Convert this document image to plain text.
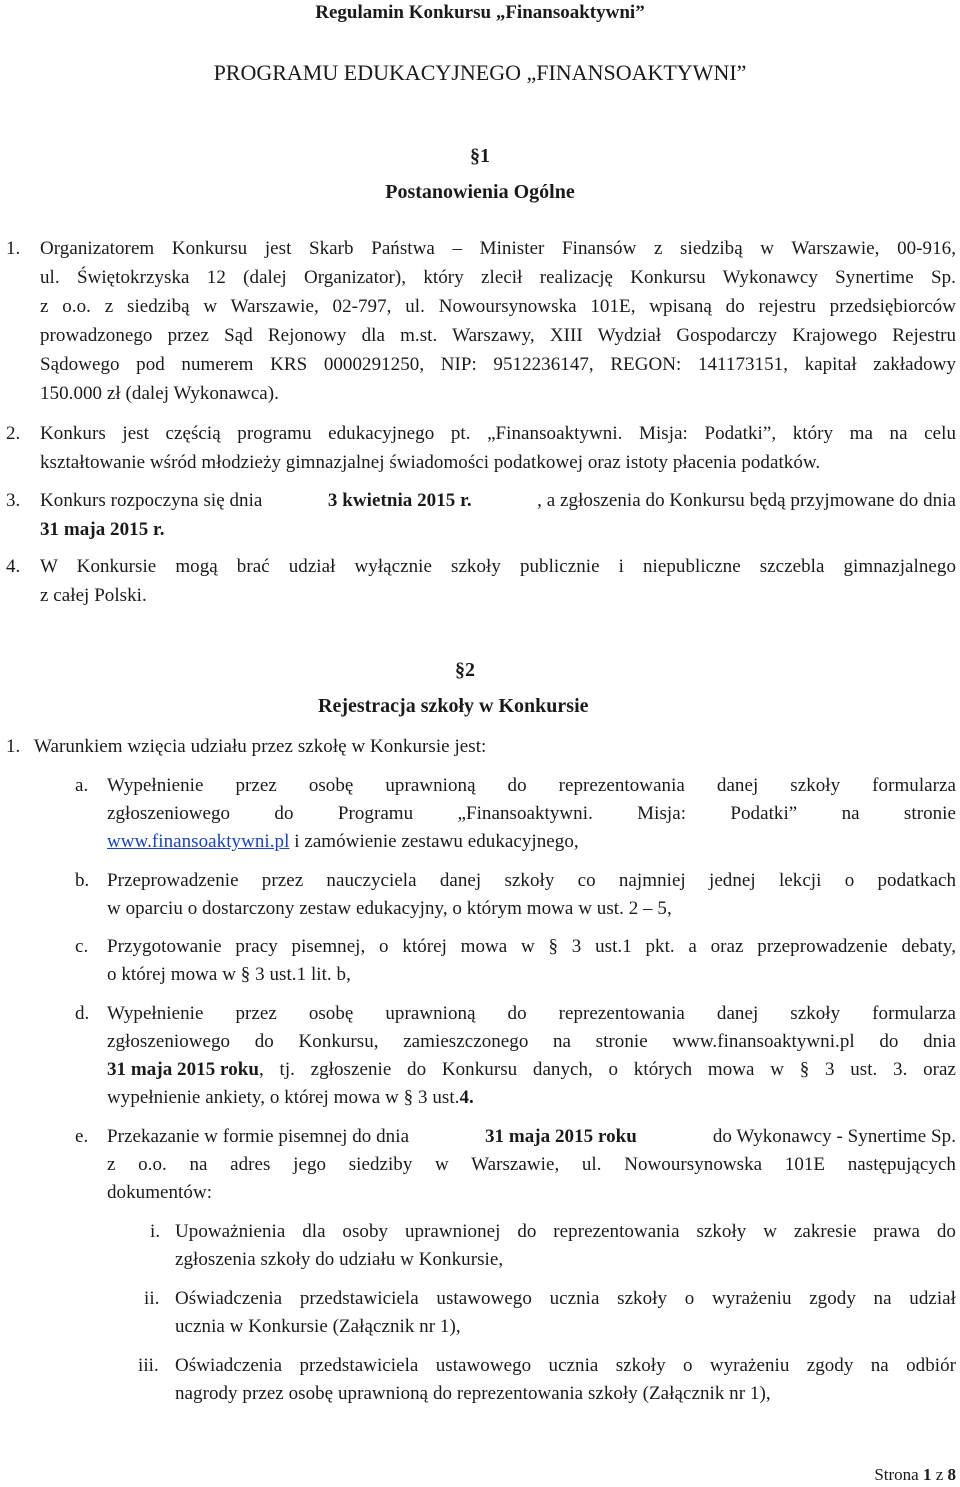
Regulamin Konkursu „Finansoaktywni”
PROGRAMU EDUKACYJNEGO „FINANSOAKTYWNI”
§1
Postanowienia Ogólne
1. Organizatorem Konkursu jest Skarb Państwa – Minister Finansów z siedzibą w Warszawie, 00-916,
ul. Świętokrzyska 12 (dalej Organizator), który zlecił realizację Konkursu Wykonawcy Synertime Sp.
z o.o. z siedzibą w Warszawie, 02-797, ul. Nowoursynowska 101E, wpisaną do rejestru przedsiębiorców
prowadzonego przez Sąd Rejonowy dla m.st. Warszawy, XIII Wydział Gospodarczy Krajowego Rejestru
Sądowego pod numerem KRS 0000291250, NIP: 9512236147, REGON: 141173151, kapitał zakładowy
150.000 zł (dalej Wykonawca).
2. Konkurs jest częścią programu edukacyjnego pt. „Finansoaktywni. Misja: Podatki”, który ma na celu
kształtowanie wśród młodzieży gimnazjalnej świadomości podatkowej oraz istoty płacenia podatków.
3. Konkurs rozpoczyna się dnia	3 kwietnia 2015 r.	, a zgłoszenia do Konkursu będą przyjmowane do dnia
31 maja 2015 r.
4. W Konkursie mogą brać udział wyłącznie szkoły publicznie i niepubliczne szczebla gimnazjalnego
z całej Polski.
§2
Rejestracja szkoły w Konkursie
1. Warunkiem wzięcia udziału przez szkołę w Konkursie jest:
a. Wypełnienie przez osobę uprawnioną do reprezentowania danej szkoły formularza
zgłoszeniowego do Programu „Finansoaktywni. Misja: Podatki” na stronie
www.finansoaktywni.pl i zamówienie zestawu edukacyjnego,
b. Przeprowadzenie przez nauczyciela danej szkoły co najmniej jednej lekcji o podatkach
w oparciu o dostarczony zestaw edukacyjny, o którym mowa w ust. 2 – 5,
c. Przygotowanie pracy pisemnej, o której mowa w § 3 ust.1 pkt. a oraz przeprowadzenie debaty,
o której mowa w § 3 ust.1 lit. b,
d. Wypełnienie przez osobę uprawnioną do reprezentowania danej szkoły formularza
zgłoszeniowego do Konkursu, zamieszczonego na stronie www.finansoaktywni.pl do dnia
31 maja 2015 roku , tj. zgłoszenie do Konkursu danych, o których mowa w § 3 ust. 3. oraz
wypełnienie ankiety, o której mowa w § 3 ust.4.
e. Przekazanie w formie pisemnej do dnia	31 maja 2015 roku	do Wykonawcy - Synertime Sp.
z o.o. na adres jego siedziby w Warszawie, ul. Nowoursynowska 101E następujących
dokumentów:
i. Upoważnienia dla osoby uprawnionej do reprezentowania szkoły w zakresie prawa do
zgłoszenia szkoły do udziału w Konkursie,
ii. Oświadczenia przedstawiciela ustawowego ucznia szkoły o wyrażeniu zgody na udział
ucznia w Konkursie (Załącznik nr 1),
iii. Oświadczenia przedstawiciela ustawowego ucznia szkoły o wyrażeniu zgody na odbiór
nagrody przez osobę uprawnioną do reprezentowania szkoły (Załącznik nr 1),
Strona 1 z 8
